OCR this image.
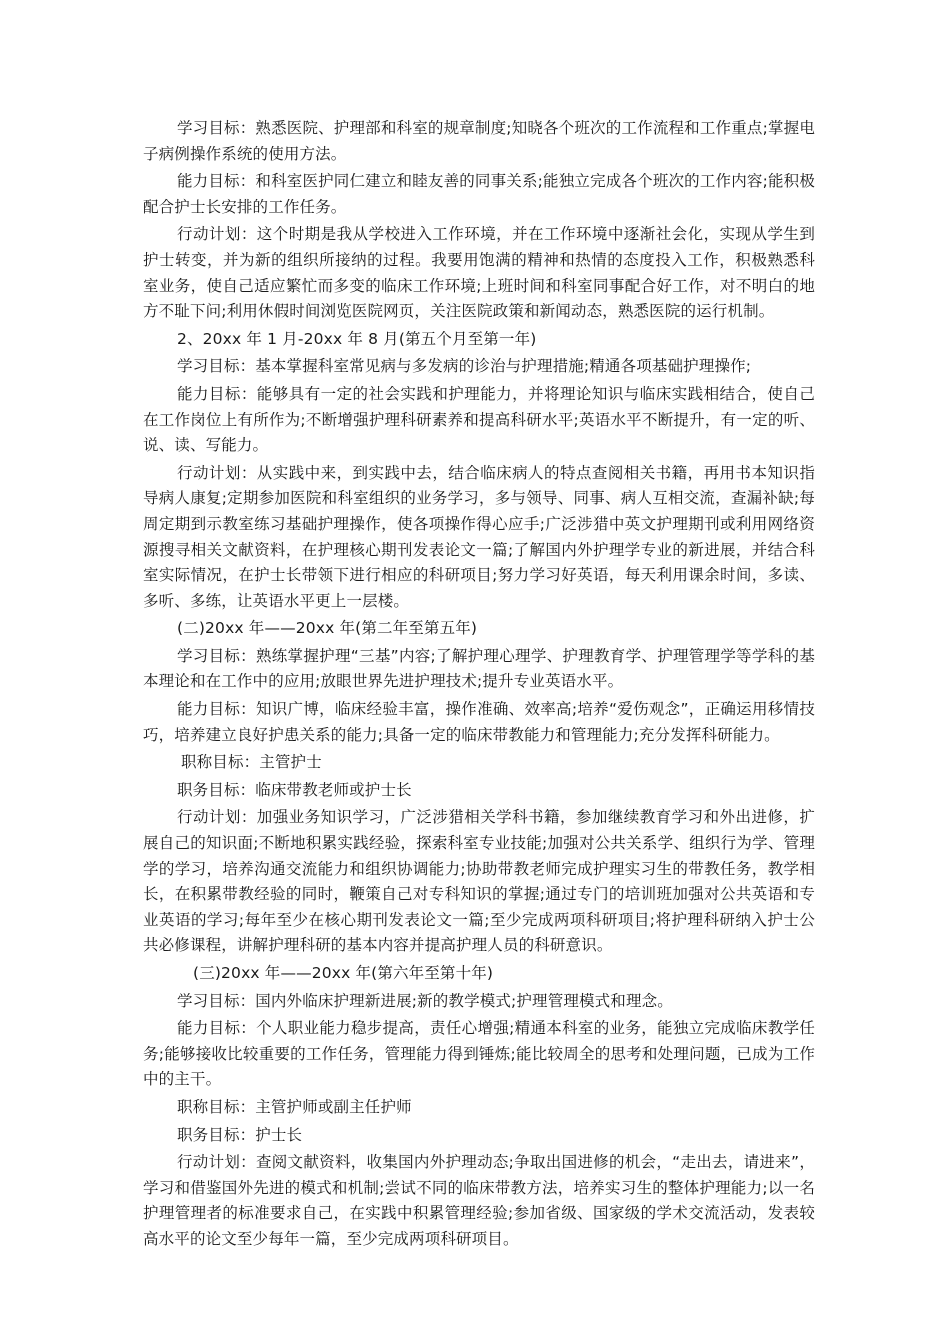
学习目标：熟悉医院、护理部和科室的规章制度;知晓各个班次的工作流程和工作重点;掌握电子病例操作系统的使用方法。

能力目标：和科室医护同仁建立和睦友善的同事关系;能独立完成各个班次的工作内容;能积极配合护士长安排的工作任务。

行动计划：这个时期是我从学校进入工作环境，并在工作环境中逐渐社会化，实现从学生到护士转变，并为新的组织所接纳的过程。我要用饱满的精神和热情的态度投入工作，积极熟悉科室业务，使自己适应繁忙而多变的临床工作环境;上班时间和科室同事配合好工作，对不明白的地方不耻下问;利用休假时间浏览医院网页，关注医院政策和新闻动态，熟悉医院的运行机制。

2、20xx 年 1 月-20xx 年 8 月(第五个月至第一年)

学习目标：基本掌握科室常见病与多发病的诊治与护理措施;精通各项基础护理操作;

能力目标：能够具有一定的社会实践和护理能力，并将理论知识与临床实践相结合，使自己在工作岗位上有所作为;不断增强护理科研素养和提高科研水平;英语水平不断提升，有一定的听、说、读、写能力。

行动计划：从实践中来，到实践中去，结合临床病人的特点查阅相关书籍，再用书本知识指导病人康复;定期参加医院和科室组织的业务学习，多与领导、同事、病人互相交流，查漏补缺;每周定期到示教室练习基础护理操作，使各项操作得心应手;广泛涉猎中英文护理期刊或利用网络资源搜寻相关文献资料，在护理核心期刊发表论文一篇;了解国内外护理学专业的新进展，并结合科室实际情况，在护士长带领下进行相应的科研项目;努力学习好英语，每天利用课余时间，多读、多听、多练，让英语水平更上一层楼。

(二)20xx 年——20xx 年(第二年至第五年)

学习目标：熟练掌握护理“三基”内容;了解护理心理学、护理教育学、护理管理学等学科的基本理论和在工作中的应用;放眼世界先进护理技术;提升专业英语水平。

能力目标：知识广博，临床经验丰富，操作准确、效率高;培养“爱伤观念”，正确运用移情技巧，培养建立良好护患关系的能力;具备一定的临床带教能力和管理能力;充分发挥科研能力。

职称目标：主管护士

职务目标：临床带教老师或护士长

行动计划：加强业务知识学习，广泛涉猎相关学科书籍，参加继续教育学习和外出进修，扩展自己的知识面;不断地积累实践经验，探索科室专业技能;加强对公共关系学、组织行为学、管理学的学习，培养沟通交流能力和组织协调能力;协助带教老师完成护理实习生的带教任务，教学相长，在积累带教经验的同时，鞭策自己对专科知识的掌握;通过专门的培训班加强对公共英语和专业英语的学习;每年至少在核心期刊发表论文一篇;至少完成两项科研项目;将护理科研纳入护士公共必修课程，讲解护理科研的基本内容并提高护理人员的科研意识。

(三)20xx 年——20xx 年(第六年至第十年)

学习目标：国内外临床护理新进展;新的教学模式;护理管理模式和理念。

能力目标：个人职业能力稳步提高，责任心增强;精通本科室的业务，能独立完成临床教学任务;能够接收比较重要的工作任务，管理能力得到锤炼;能比较周全的思考和处理问题，已成为工作中的主干。

职称目标：主管护师或副主任护师

职务目标：护士长

行动计划：查阅文献资料，收集国内外护理动态;争取出国进修的机会，“走出去，请进来”，学习和借鉴国外先进的模式和机制;尝试不同的临床带教方法，培养实习生的整体护理能力;以一名护理管理者的标准要求自己，在实践中积累管理经验;参加省级、国家级的学术交流活动，发表较高水平的论文至少每年一篇，至少完成两项科研项目。
